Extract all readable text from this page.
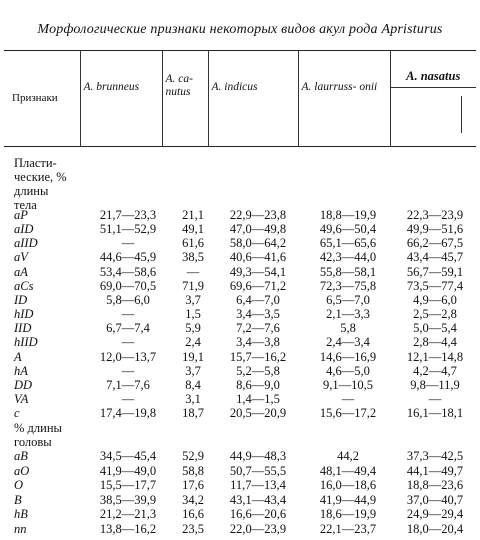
Морфологические признаки некоторых видов акул рода Apristurus
Признаки	A. brunneus	A. ca- nutus	A. indicus	A. laurruss- onii	
A. nasatus
Пласти- ческие, % длины тела
% длины головы
aP	21,7—23,3	21,1	22,9—23,8	18,8—19,9	22,3—23,9
aID	51,1—52,9	49,1	47,0—49,8	49,6—50,4	49,9—51,6
aIID	—	61,6	58,0—64,2	65,1—65,6	66,2—67,5
aV	44,6—45,9	38,5	40,6—41,6	42,3—44,0	43,4—45,7
aA	53,4—58,6	—	49,3—54,1	55,8—58,1	56,7—59,1
aCs	69,0—70,5	71,9	69,6—71,2	72,3—75,8	73,5—77,4
ID	5,8—6,0	3,7	6,4—7,0	6,5—7,0	4,9—6,0
hID	—	1,5	3,4—3,5	2,1—3,3	2,5—2,8
IID	6,7—7,4	5,9	7,2—7,6	5,8	5,0—5,4
hIID	—	2,4	3,4—3,8	2,4—3,4	2,8—4,4
A	12,0—13,7	19,1	15,7—16,2	14,6—16,9	12,1—14,8
hA	—	3,7	5,2—5,8	4,6—5,0	4,2—4,7
DD	7,1—7,6	8,4	8,6—9,0	9,1—10,5	9,8—11,9
VA	—	3,1	1,4—1,5	—	—
c	17,4—19,8	18,7	20,5—20,9	15,6—17,2	16,1—18,1
aB	34,5—45,4	52,9	44,9—48,3	44,2	37,3—42,5
aO	41,9—49,0	58,8	50,7—55,5	48,1—49,4	44,1—49,7
O	15,5—17,7	17,6	11,7—13,4	16,0—18,6	18,8—23,6
B	38,5—39,9	34,2	43,1—43,4	41,9—44,9	37,0—40,7
hB	21,2—21,3	16,6	16,6—20,6	18,6—19,9	24,9—29,4
nn	13,8—16,2	23,5	22,0—23,9	22,1—23,7	18,0—20,4
